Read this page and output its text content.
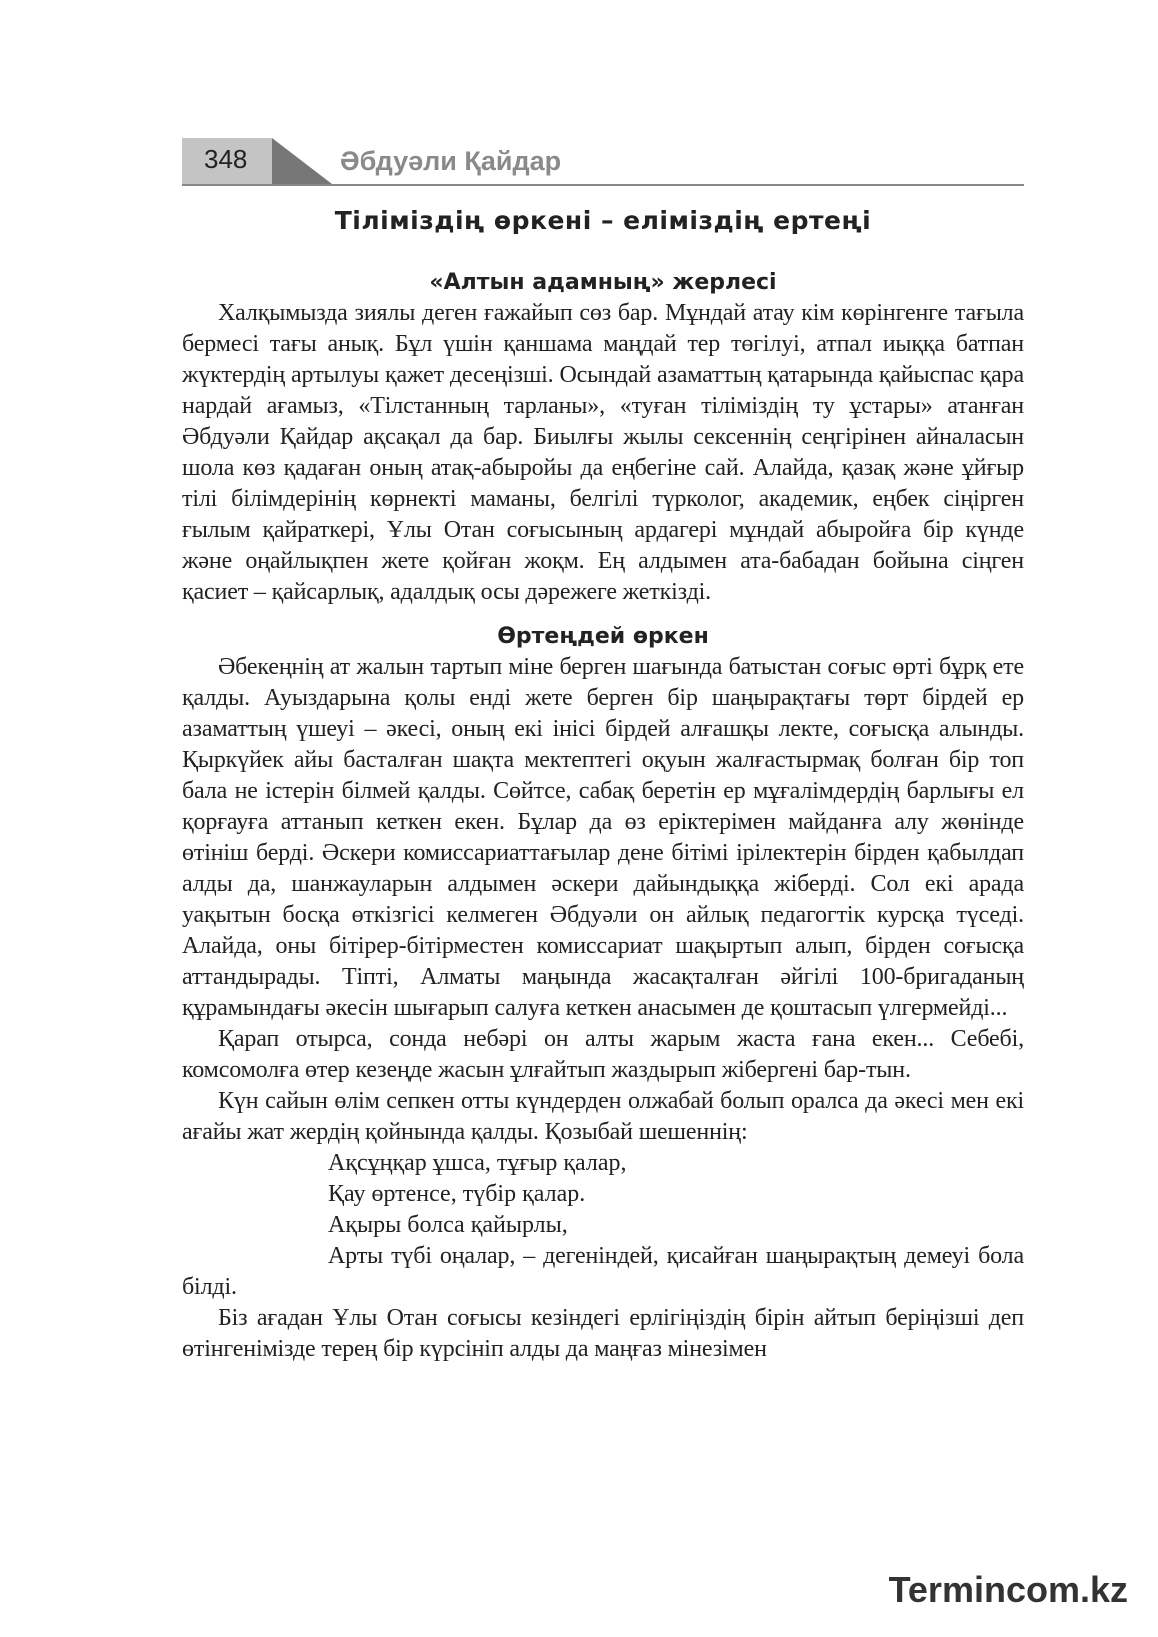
348	Әбдуәли Қайдар
Тіліміздің өркені – еліміздің ертеңі
«Алтын адамның» жерлесі

Халқымызда зиялы деген ғажайып сөз бар. Мұндай атау кім көрінгенге тағыла бермесі тағы анық. Бұл үшін қаншама маңдай тер төгілуі, атпал иыққа батпан жүктердің артылуы қажет десеңізші. Осындай азаматтың қатарында қайыспас қара нардай ағамыз, «Тілстанның тарланы», «туған тіліміздің ту ұстары» атанған Әбдуәли Қайдар ақсақал да бар. Биылғы жылы сексеннің сеңгірінен айналасын шола көз қадаған оның атақ-абыройы да еңбегіне сай. Алайда, қазақ және ұйғыр тілі білімдерінің көрнекті маманы, белгілі түрколог, академик, еңбек сіңірген ғылым қайраткері, Ұлы Отан соғысының ардагері мұндай абыройға бір күнде және оңайлықпен жете қойған жоқм. Ең алдымен ата-бабадан бойына сіңген қасиет – қайсарлық, адалдық осы дәрежеге жеткізді.

Өртеңдей өркен

Әбекеңнің ат жалын тартып міне берген шағында батыстан соғыс өрті бұрқ ете қалды. Ауыздарына қолы енді жете берген бір шаңырақтағы төрт бірдей ер азаматтың үшеуі – әкесі, оның екі інісі бірдей алғашқы лекте, соғысқа алынды. Қыркүйек айы басталған шақта мектептегі оқуын жалғастырмақ болған бір топ бала не істерін білмей қалды. Сөйтсе, сабақ беретін ер мұғалімдердің барлығы ел қорғауға аттанып кеткен екен. Бұлар да өз еріктерімен майданға алу жөнінде өтініш берді. Әскери комиссариаттағылар дене бітімі ірілектерін бірден қабылдап алды да, шанжауларын алдымен әскери дайындыққа жіберді. Сол екі арада уақытын босқа өткізгісі келмеген Әбдуәли он айлық педагогтік курсқа түседі. Алайда, оны бітірер-бітірместен комиссариат шақыртып алып, бірден соғысқа аттандырады. Тіпті, Алматы маңында жасақталған әйгілі 100-бригаданың құрамындағы әкесін шығарып салуға кеткен анасымен де қоштасып үлгермейді...

Қарап отырса, сонда небәрі он алты жарым жаста ғана екен... Себебі, комсомолға өтер кезеңде жасын ұлғайтып жаздырып жібергені бар-тын.

Күн сайын өлім сепкен отты күндерден олжабай болып оралса да әкесі мен екі ағайы жат жердің қойнында қалды. Қозыбай шешеннің:

Ақсұңқар ұшса, тұғыр қалар,
Қау өртенсе, түбір қалар.
Ақыры болса қайырлы,

Арты түбі оңалар, – дегеніндей, қисайған шаңырақтың демеуі бола білді.

Біз ағадан Ұлы Отан соғысы кезіндегі ерлігіңіздің бірін айтып беріңізші деп өтінгенімізде терең бір күрсініп алды да маңғаз мінезімен

Termincom.kz
